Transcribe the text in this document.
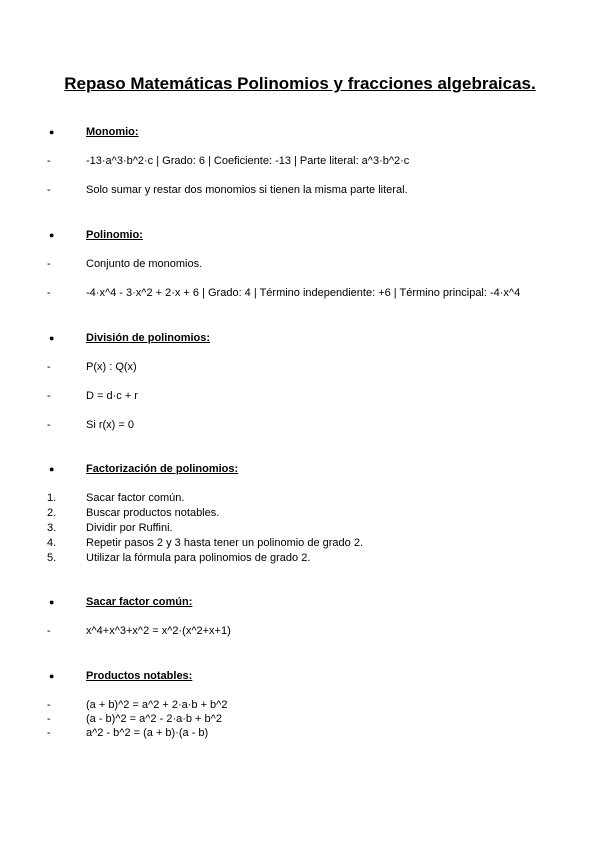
Repaso Matemáticas Polinomios y fracciones algebraicas.
●	Monomio:
-	-13·a^3·b^2·c | Grado: 6 | Coeficiente: -13 | Parte literal: a^3·b^2·c
-	Solo sumar y restar dos monomios si tienen la misma parte literal.
●	Polinomio:
-	Conjunto de monomios.
-	-4·x^4 - 3·x^2 + 2·x + 6 | Grado: 4 | Término independiente: +6 | Término principal: -4·x^4
●	División de polinomios:
-	P(x) : Q(x)
-	D = d·c + r
-	Si r(x) = 0
●	Factorización de polinomios:
1.	Sacar factor común.
2.	Buscar productos notables.
3.	Dividir por Ruffini.
4.	Repetir pasos 2 y 3 hasta tener un polinomio de grado 2.
5.	Utilizar la fórmula para polinomios de grado 2.
●	Sacar factor común:
-	x^4+x^3+x^2 = x^2·(x^2+x+1)
●	Productos notables:
-	(a + b)^2 = a^2 + 2·a·b + b^2
-	(a - b)^2 = a^2 - 2·a·b + b^2
-	a^2 - b^2 = (a + b)·(a - b)
